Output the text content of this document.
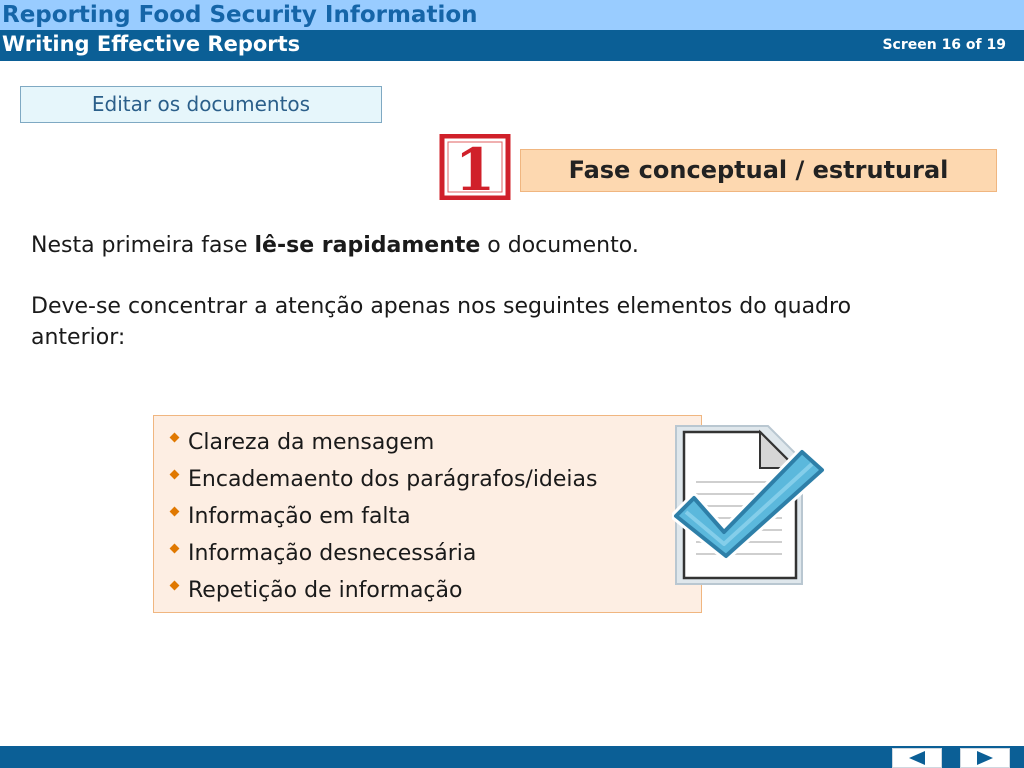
Reporting Food Security Information
Writing Effective Reports	Screen 16 of 19
Editar os documentos
1	Fase conceptual / estrutural

Nesta primeira fase lê-se rapidamente o documento.

Deve-se concentrar a atenção apenas nos seguintes elementos do quadro anterior:

Clareza da mensagem
Encademaento dos parágrafos/ideias
Informação em falta
Informação desnecessária
Repetição de informação
